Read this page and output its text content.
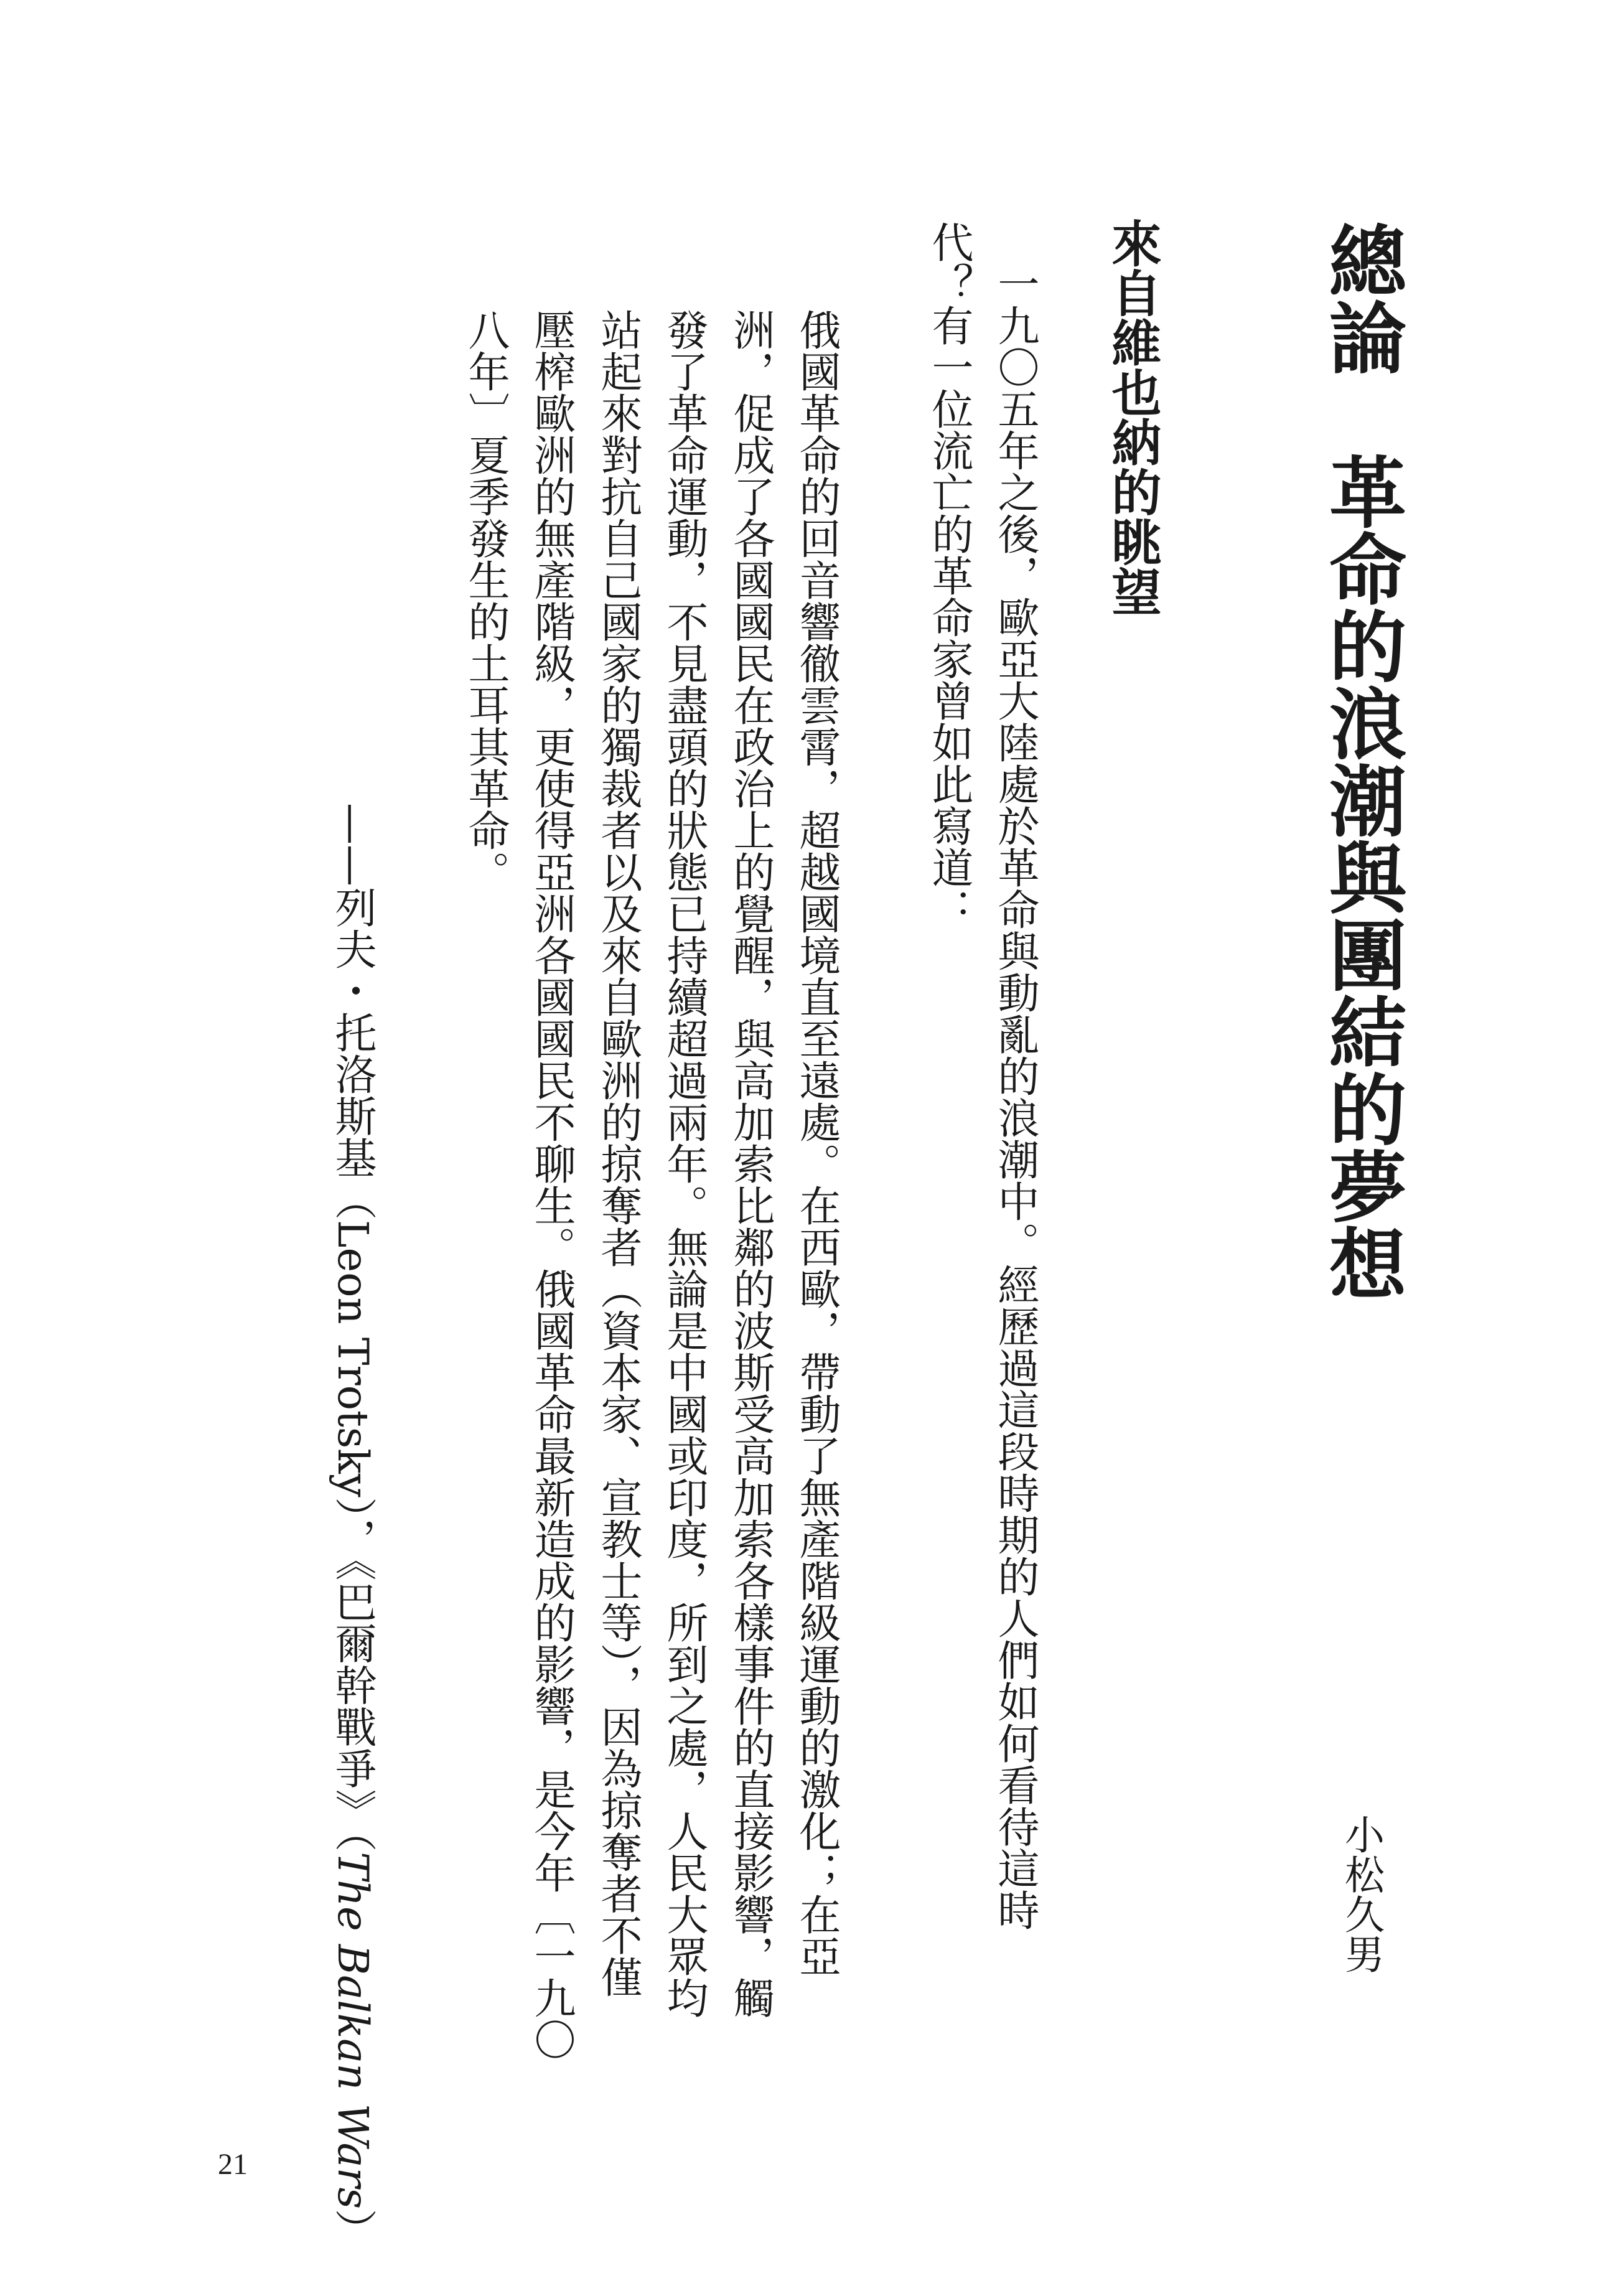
總論　革命的浪潮與團結的夢想
小松久男
來自維也納的眺望
一九〇五年之後，歐亞大陸處於革命與動亂的浪潮中。經歷過這段時期的人們如何看待這時
代？有一位流亡的革命家曾如此寫道：
俄國革命的回音響徹雲霄，超越國境直至遠處。在西歐，帶動了無產階級運動的激化；在亞
洲，促成了各國國民在政治上的覺醒，與高加索比鄰的波斯受高加索各樣事件的直接影響，觸
發了革命運動，不見盡頭的狀態已持續超過兩年。無論是中國或印度，所到之處，人民大眾均
站起來對抗自己國家的獨裁者以及來自歐洲的掠奪者（資本家、宣教士等），因為掠奪者不僅
壓榨歐洲的無產階級，更使得亞洲各國國民不聊生。俄國革命最新造成的影響，是今年〔一九〇
八年〕夏季發生的土耳其革命。
——列夫・托洛斯基（Leon Trotsky），《巴爾幹戰爭》（The Balkan Wars）
21
